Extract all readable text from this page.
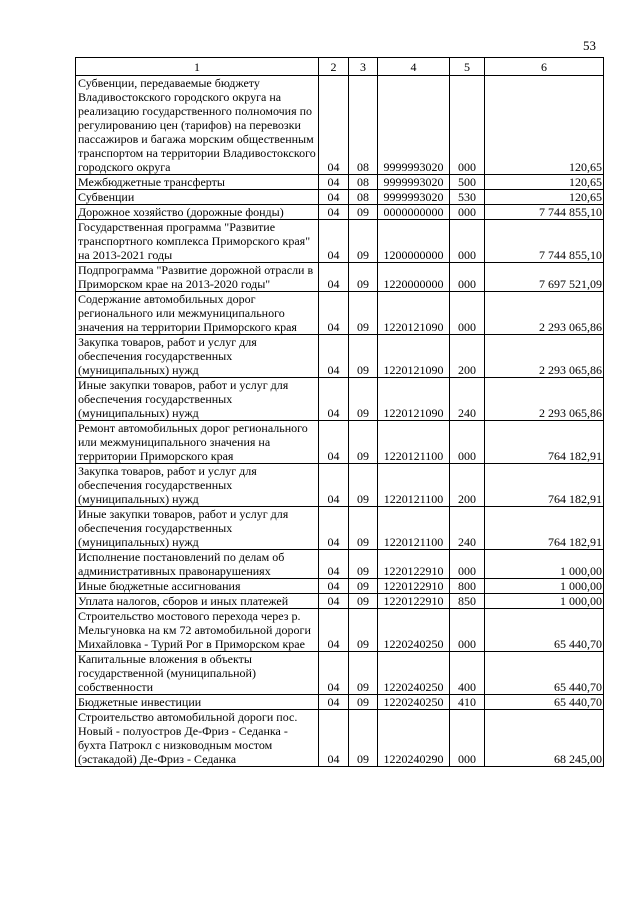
53
1	2	3	4	5	6
Субвенции, передаваемые бюджету Владивостокского городского округа на реализацию государственного полномочия по регулированию цен (тарифов) на перевозки пассажиров и багажа морским общественным транспортом на территории Владивостокского городского округа	04	08	9999993020	000	120,65
Межбюджетные трансферты	04	08	9999993020	500	120,65
Субвенции	04	08	9999993020	530	120,65
Дорожное хозяйство (дорожные фонды)	04	09	0000000000	000	7 744 855,10
Государственная программа "Развитие транспортного комплекса Приморского края" на 2013-2021 годы	04	09	1200000000	000	7 744 855,10
Подпрограмма "Развитие дорожной отрасли в Приморском крае на 2013-2020 годы"	04	09	1220000000	000	7 697 521,09
Содержание автомобильных дорог регионального или межмуниципального значения на территории Приморского края	04	09	1220121090	000	2 293 065,86
Закупка товаров, работ и услуг для обеспечения государственных (муниципальных) нужд	04	09	1220121090	200	2 293 065,86
Иные закупки товаров, работ и услуг для обеспечения государственных (муниципальных) нужд	04	09	1220121090	240	2 293 065,86
Ремонт автомобильных дорог регионального или межмуниципального значения на территории Приморского края	04	09	1220121100	000	764 182,91
Закупка товаров, работ и услуг для обеспечения государственных (муниципальных) нужд	04	09	1220121100	200	764 182,91
Иные закупки товаров, работ и услуг для обеспечения государственных (муниципальных) нужд	04	09	1220121100	240	764 182,91
Исполнение постановлений по делам об административных правонарушениях	04	09	1220122910	000	1 000,00
Иные бюджетные ассигнования	04	09	1220122910	800	1 000,00
Уплата налогов, сборов и иных платежей	04	09	1220122910	850	1 000,00
Строительство мостового перехода через р. Мельгуновка на км 72 автомобильной дороги Михайловка - Турий Рог в Приморском крае	04	09	1220240250	000	65 440,70
Капитальные вложения в объекты государственной (муниципальной) собственности	04	09	1220240250	400	65 440,70
Бюджетные инвестиции	04	09	1220240250	410	65 440,70
Строительство автомобильной дороги пос. Новый - полуостров Де-Фриз - Седанка - бухта Патрокл с низководным мостом (эстакадой) Де-Фриз - Седанка	04	09	1220240290	000	68 245,00
